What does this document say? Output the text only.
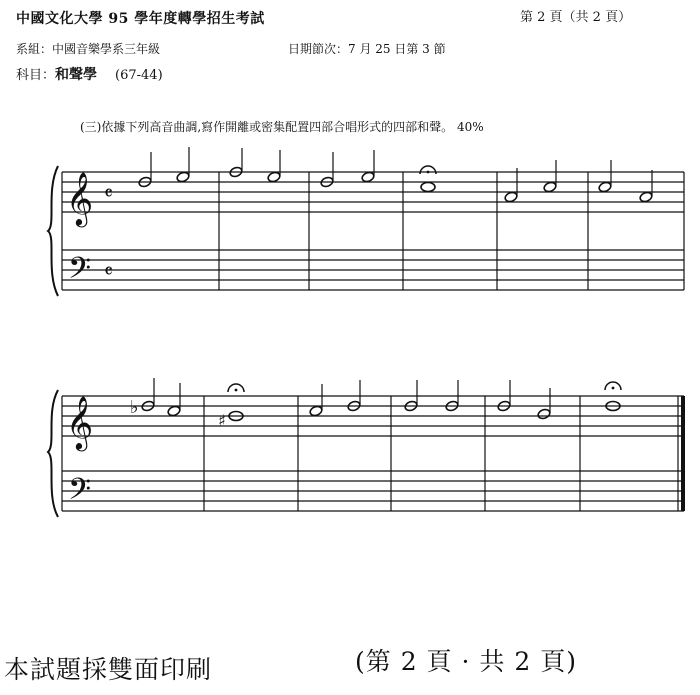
中國文化大學 95 學年度轉學招生考試	第 2 頁（共 2 頁）
系組：中國音樂學系三年級	日期節次：7 月 25 日第 3 節
科目：和聲學 (67-44)
(三)依據下列高音曲調,寫作開離或密集配置四部合唱形式的四部和聲。 40%
𝄞
𝄢
𝄴
𝄴
𝄞
𝄢
♭
♯
本試題採雙面印刷	(第 2 頁 · 共 2 頁)
